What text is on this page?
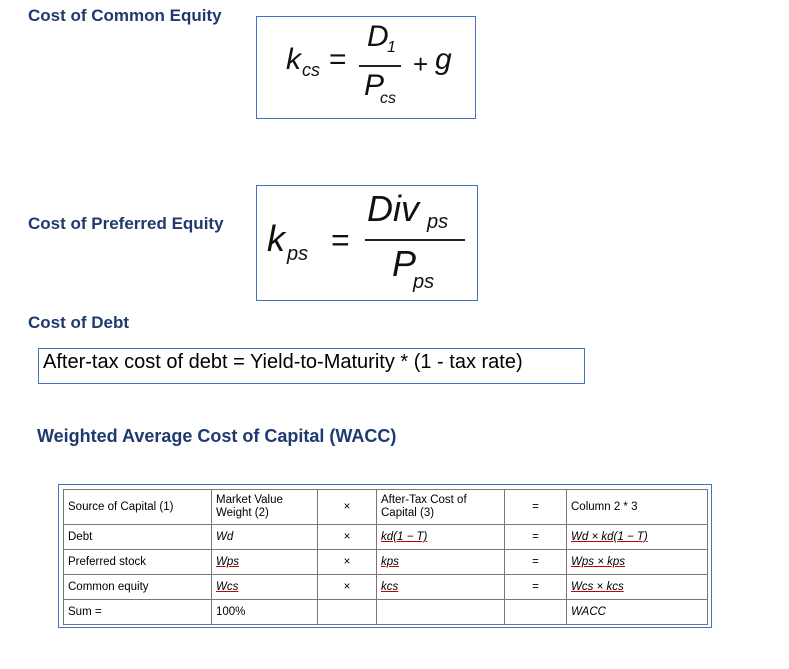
Cost of Common Equity
k cs =
D
1
P
cs
+ g
Cost of Preferred Equity k ps =
Div ps
P
ps
Cost of Debt
After-tax cost of debt = Yield-to-Maturity * (1 - tax rate)
Weighted Average Cost of Capital (WACC)
Source of Capital (1)	Market Value Weight (2)	×	After-Tax Cost of Capital (3)	=	Column 2 * 3
Debt	Wd	×	kd(1 − T)	=	Wd × kd(1 − T)
Preferred stock	Wps	×	kps	=	Wps × kps
Common equity	Wcs	×	kcs	=	Wcs × kcs
Sum =	100%				WACC
